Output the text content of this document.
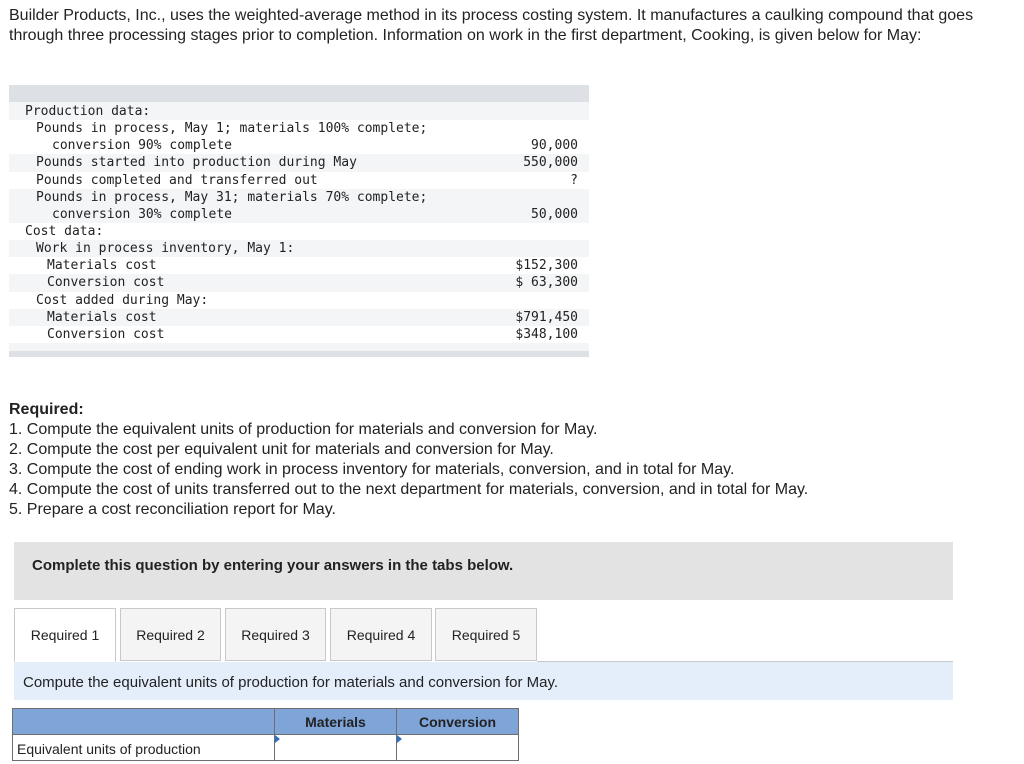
Builder Products, Inc., uses the weighted-average method in its process costing system. It manufactures a caulking compound that goes through three processing stages prior to completion. Information on work in the first department, Cooking, is given below for May:

Production data:	
Pounds in process, May 1; materials 100% complete;	
conversion 90% complete	90,000
Pounds started into production during May	550,000
Pounds completed and transferred out	?
Pounds in process, May 31; materials 70% complete;	
conversion 30% complete	50,000
Cost data:	
Work in process inventory, May 1:	
Materials cost	$152,300
Conversion cost	$ 63,300
Cost added during May:	
Materials cost	$791,450
Conversion cost	$348,100
Required:
1. Compute the equivalent units of production for materials and conversion for May.
2. Compute the cost per equivalent unit for materials and conversion for May.
3. Compute the cost of ending work in process inventory for materials, conversion, and in total for May.
4. Compute the cost of units transferred out to the next department for materials, conversion, and in total for May.
5. Prepare a cost reconciliation report for May.
Complete this question by entering your answers in the tabs below.
Required 1	Required 2	Required 3	Required 4	Required 5
Compute the equivalent units of production for materials and conversion for May.
	Materials	Conversion
Equivalent units of production	
